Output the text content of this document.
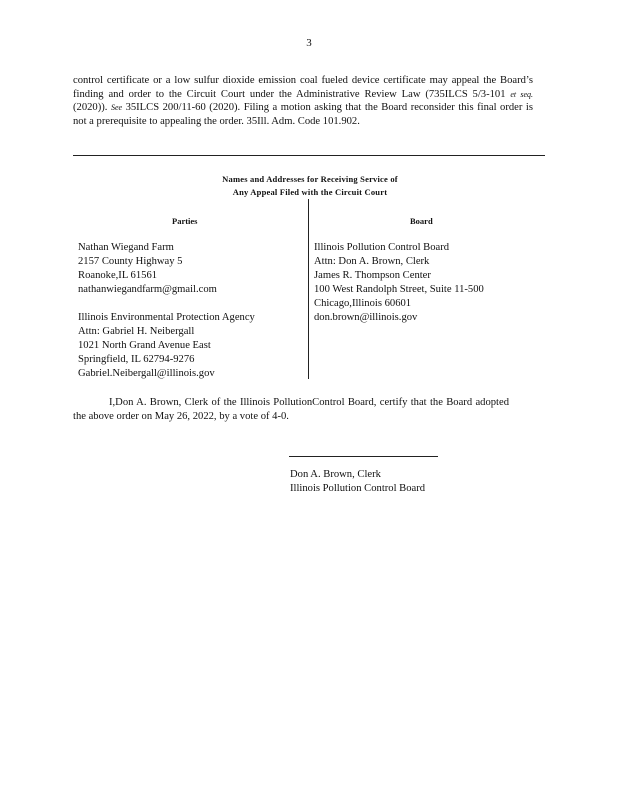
3
control certificate or a low sulfur dioxide emission coal fueled device certificate may appeal the Board’s finding and order to the Circuit Court under the Administrative Review Law (735ILCS 5/3-101 et seq. (2020)). See 35ILCS 200/11-60 (2020). Filing a motion asking that the Board reconsider this final order is not a prerequisite to appealing the order. 35Ill. Adm. Code 101.902.
Names and Addresses for Receiving Service of
Any Appeal Filed with the Circuit Court
Parties	Board
Nathan Wiegand Farm
2157 County Highway 5
Roanoke,IL 61561
nathanwiegandfarm@gmail.com
Illinois Environmental Protection Agency
Attn: Gabriel H. Neibergall
1021 North Grand Avenue East
Springfield, IL 62794-9276
Gabriel.Neibergall@illinois.gov
Illinois Pollution Control Board
Attn: Don A. Brown, Clerk
James R. Thompson Center
100 West Randolph Street, Suite 11-500
Chicago,Illinois 60601
don.brown@illinois.gov
I,Don A. Brown, Clerk of the Illinois PollutionControl Board, certify that the Board adopted the above order on May 26, 2022, by a vote of 4-0.
Don A. Brown, Clerk
Illinois Pollution Control Board
